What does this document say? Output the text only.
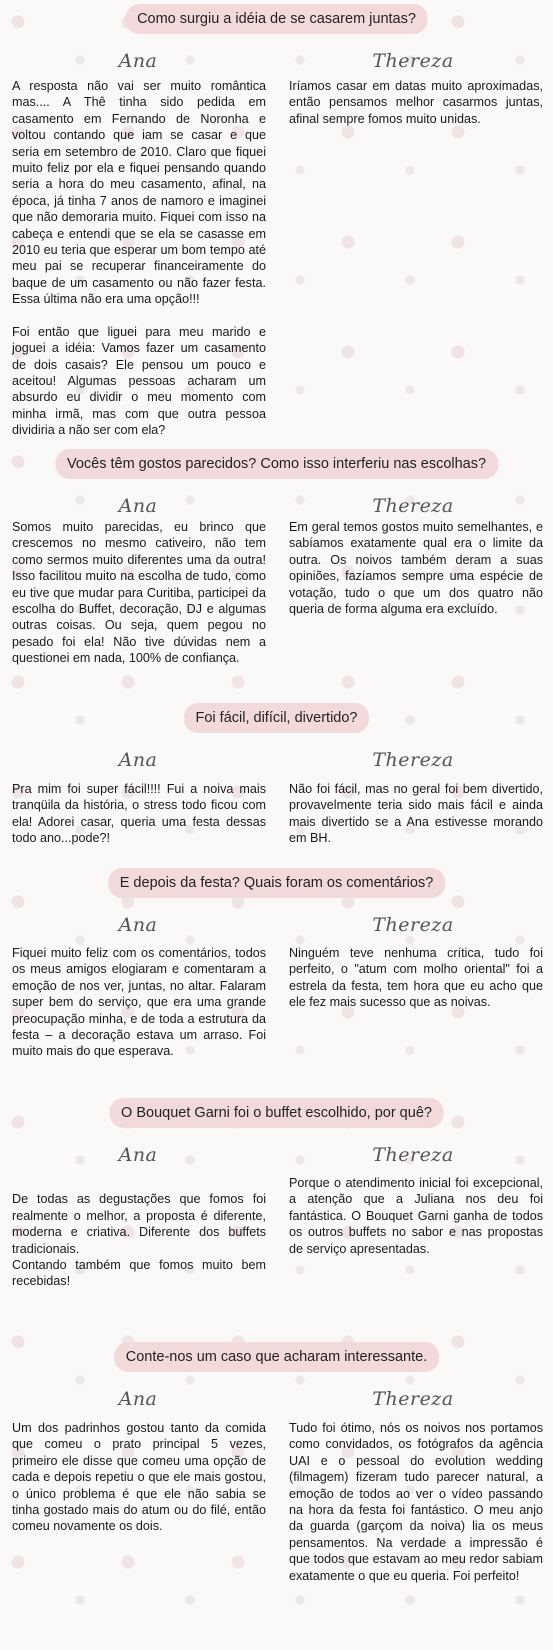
Como surgiu a idéia de se casarem juntas?
Ana	Thereza

A resposta não vai ser muito romântica mas.... A Thê tinha sido pedida em casamento em Fernando de Noronha e voltou contando que iam se casar e que seria em setembro de 2010. Claro que fiquei muito feliz por ela e fiquei pensando quando seria a hora do meu casamento, afinal, na época, já tinha 7 anos de namoro e imaginei que não demoraria muito. Fiquei com isso na cabeça e entendi que se ela se casasse em 2010 eu teria que esperar um bom tempo até meu pai se recuperar financeiramente do baque de um casamento ou não fazer festa. Essa última não era uma opção!!!

Foi então que liguei para meu marido e joguei a idéia: Vamos fazer um casamento de dois casais? Ele pensou um pouco e aceitou! Algumas pessoas acharam um absurdo eu dividir o meu momento com minha irmã, mas com que outra pessoa dividiria a não ser com ela?

Iríamos casar em datas muito aproximadas, então pensamos melhor casarmos juntas, afinal sempre fomos muito unidas.

Vocês têm gostos parecidos? Como isso interferiu nas escolhas?
Ana	Thereza

Somos muito parecidas, eu brinco que crescemos no mesmo cativeiro, não tem como sermos muito diferentes uma da outra! Isso facilitou muito na escolha de tudo, como eu tive que mudar para Curitiba, participei da escolha do Buffet, decoração, DJ e algumas outras coisas. Ou seja, quem pegou no pesado foi ela! Não tive dúvidas nem a questionei em nada, 100% de confiança.

Em geral temos gostos muito semelhantes, e sabíamos exatamente qual era o limite da outra. Os noivos também deram a suas opiniões, fazíamos sempre uma espécie de votação, tudo o que um dos quatro não queria de forma alguma era excluído.

Foi fácil, difícil, divertido?
Ana	Thereza

Pra mim foi super fácil!!!! Fui a noiva mais tranqüila da história, o stress todo ficou com ela! Adorei casar, queria uma festa dessas todo ano...pode?!

Não foi fácil, mas no geral foi bem divertido, provavelmente teria sido mais fácil e ainda mais divertido se a Ana estivesse morando em BH.

E depois da festa? Quais foram os comentários?
Ana	Thereza

Fiquei muito feliz com os comentários, todos os meus amigos elogiaram e comentaram a emoção de nos ver, juntas, no altar. Falaram super bem do serviço, que era uma grande preocupação minha, e de toda a estrutura da festa – a decoração estava um arraso. Foi muito mais do que esperava.

Ninguém teve nenhuma crítica, tudo foi perfeito, o "atum com molho oriental" foi a estrela da festa, tem hora que eu acho que ele fez mais sucesso que as noivas.

O Bouquet Garni foi o buffet escolhido, por quê?
Ana	Thereza

De todas as degustações que fomos foi realmente o melhor, a proposta é diferente, moderna e criativa. Diferente dos buffets tradicionais.
Contando também que fomos muito bem recebidas!

Porque o atendimento inicial foi excepcional, a atenção que a Juliana nos deu foi fantástica. O Bouquet Garni ganha de todos os outros buffets no sabor e nas propostas de serviço apresentadas.

Conte-nos um caso que acharam interessante.
Ana	Thereza

Um dos padrinhos gostou tanto da comida que comeu o prato principal 5 vezes, primeiro ele disse que comeu uma opção de cada e depois repetiu o que ele mais gostou, o único problema é que ele não sabia se tinha gostado mais do atum ou do filé, então comeu novamente os dois.

Tudo foi ótimo, nós os noivos nos portamos como convidados, os fotógrafos da agência UAI e o pessoal do evolution wedding (filmagem) fizeram tudo parecer natural, a emoção de todos ao ver o vídeo passando na hora da festa foi fantástico. O meu anjo da guarda (garçom da noiva) lia os meus pensamentos. Na verdade a impressão é que todos que estavam ao meu redor sabiam exatamente o que eu queria. Foi perfeito!
